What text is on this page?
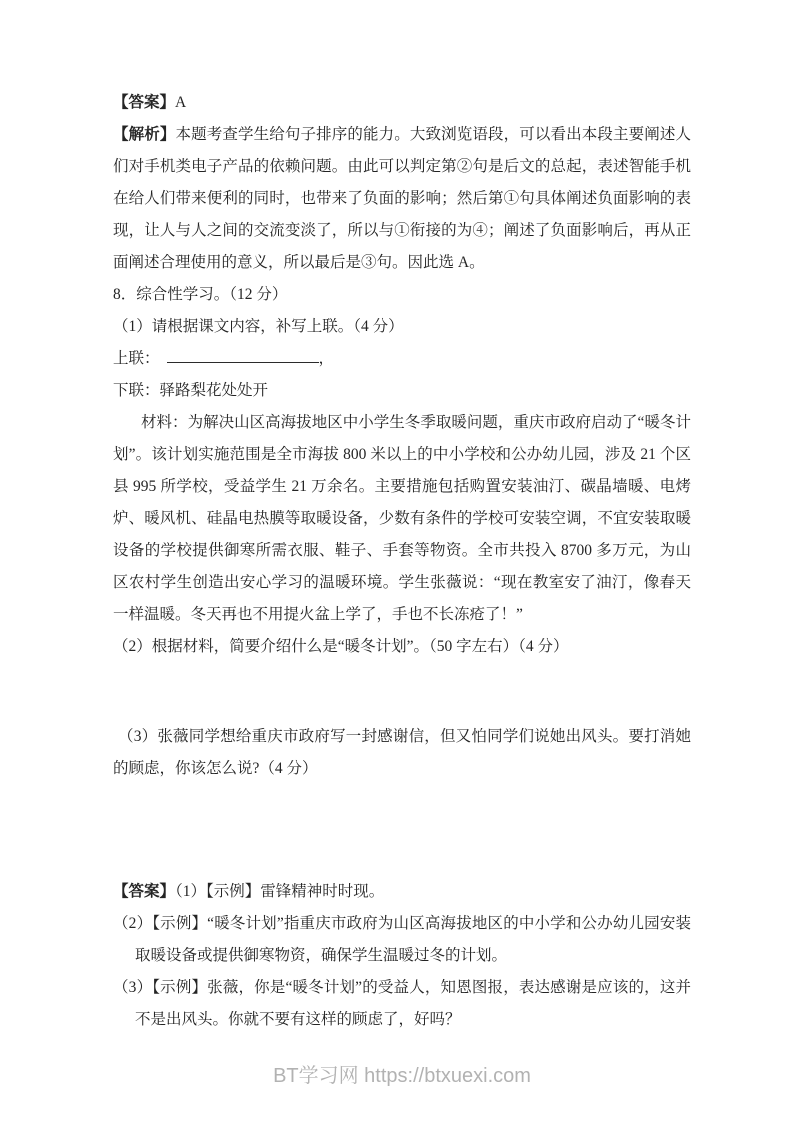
【答案】A

【解析】本题考查学生给句子排序的能力。大致浏览语段，可以看出本段主要阐述人们对手机类电子产品的依赖问题。由此可以判定第②句是后文的总起，表述智能手机在给人们带来便利的同时，也带来了负面的影响；然后第①句具体阐述负面影响的表现，让人与人之间的交流变淡了，所以与①衔接的为④；阐述了负面影响后，再从正面阐述合理使用的意义，所以最后是③句。因此选 A。

8．综合性学习。（12 分）

（1）请根据课文内容，补写上联。（4 分）

上联：	，

下联：驿路梨花处处开

材料：为解决山区高海拔地区中小学生冬季取暖问题，重庆市政府启动了“暖冬计划”。该计划实施范围是全市海拔 800 米以上的中小学校和公办幼儿园，涉及 21 个区县 995 所学校，受益学生 21 万余名。主要措施包括购置安装油汀、碳晶墙暖、电烤炉、暖风机、硅晶电热膜等取暖设备，少数有条件的学校可安装空调，不宜安装取暖设备的学校提供御寒所需衣服、鞋子、手套等物资。全市共投入 8700 多万元，为山区农村学生创造出安心学习的温暖环境。学生张薇说：“现在教室安了油汀，像春天一样温暖。冬天再也不用提火盆上学了，手也不长冻疮了！”

（2）根据材料，简要介绍什么是“暖冬计划”。（50 字左右）（4 分）

（3）张薇同学想给重庆市政府写一封感谢信，但又怕同学们说她出风头。要打消她的顾虑，你该怎么说?（4 分）

【答案】（1）【示例】雷锋精神时时现。

（2）【示例】“暖冬计划”指重庆市政府为山区高海拔地区的中小学和公办幼儿园安装取暖设备或提供御寒物资，确保学生温暖过冬的计划。

（3）【示例】张薇，你是“暖冬计划”的受益人，知恩图报，表达感谢是应该的，这并不是出风头。你就不要有这样的顾虑了，好吗？

BT学习网 https://btxuexi.com
